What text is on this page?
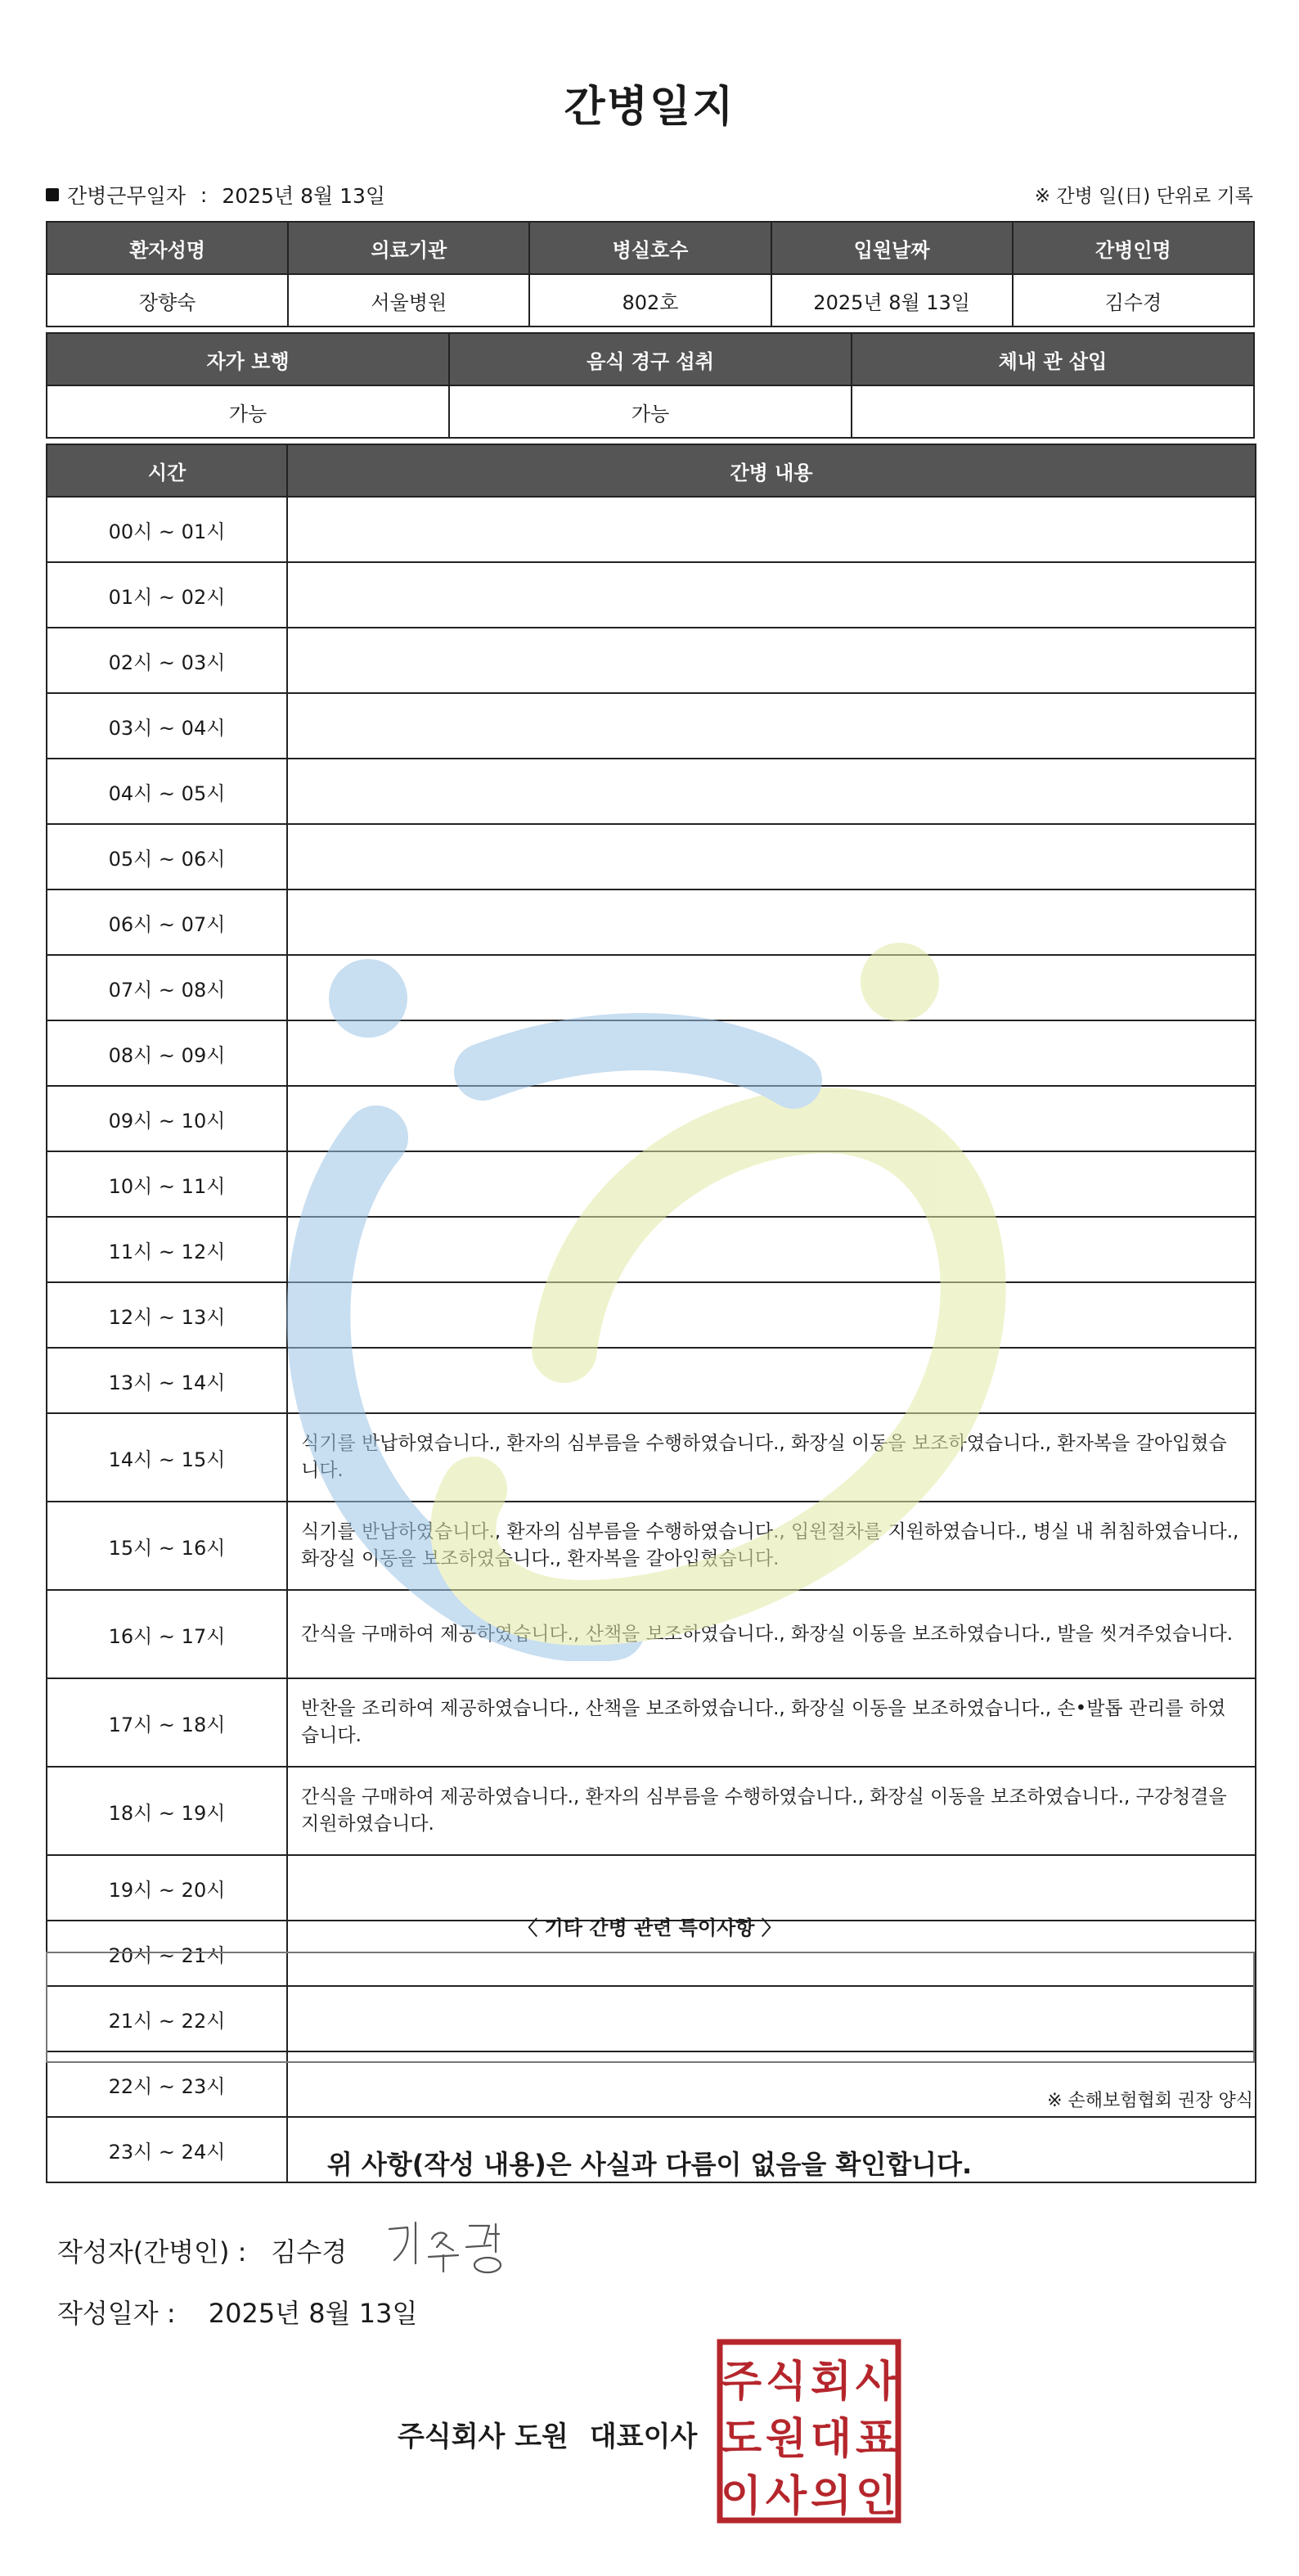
간병일지
간병근무일자 : 2025년 8월 13일	※ 간병 일(日) 단위로 기록
환자성명	의료기관	병실호수	입원날짜	간병인명
장향숙	서울병원	802호	2025년 8월 13일	김수경
자가 보행	음식 경구 섭취	체내 관 삽입
가능	가능	
시간	간병 내용
00시 ~ 01시	
01시 ~ 02시	
02시 ~ 03시	
03시 ~ 04시	
04시 ~ 05시	
05시 ~ 06시	
06시 ~ 07시	
07시 ~ 08시	
08시 ~ 09시	
09시 ~ 10시	
10시 ~ 11시	
11시 ~ 12시	
12시 ~ 13시	
13시 ~ 14시	
14시 ~ 15시	식기를 반납하였습니다., 환자의 심부름을 수행하였습니다., 화장실 이동을 보조하였습니다., 환자복을 갈아입혔습니다.
15시 ~ 16시	식기를 반납하였습니다., 환자의 심부름을 수행하였습니다., 입원절차를 지원하였습니다., 병실 내 취침하였습니다., 화장실 이동을 보조하였습니다., 환자복을 갈아입혔습니다.
16시 ~ 17시	간식을 구매하여 제공하였습니다., 산책을 보조하였습니다., 화장실 이동을 보조하였습니다., 발을 씻겨주었습니다.
17시 ~ 18시	반찬을 조리하여 제공하였습니다., 산책을 보조하였습니다., 화장실 이동을 보조하였습니다., 손•발톱 관리를 하였습니다.
18시 ~ 19시	간식을 구매하여 제공하였습니다., 환자의 심부름을 수행하였습니다., 화장실 이동을 보조하였습니다., 구강청결을 지원하였습니다.
19시 ~ 20시	
20시 ~ 21시	
21시 ~ 22시	
22시 ~ 23시	
23시 ~ 24시	
〈 기타 간병 관련 특이사항 〉
※ 손해보험협회 권장 양식
위 사항(작성 내용)은 사실과 다름이 없음을 확인합니다.
작성자(간병인) : 김수경
작성일자 : 2025년 8월 13일
주식회사 도원 대표이사
주 식 회 사
도 원 대 표
이 사 의 인
